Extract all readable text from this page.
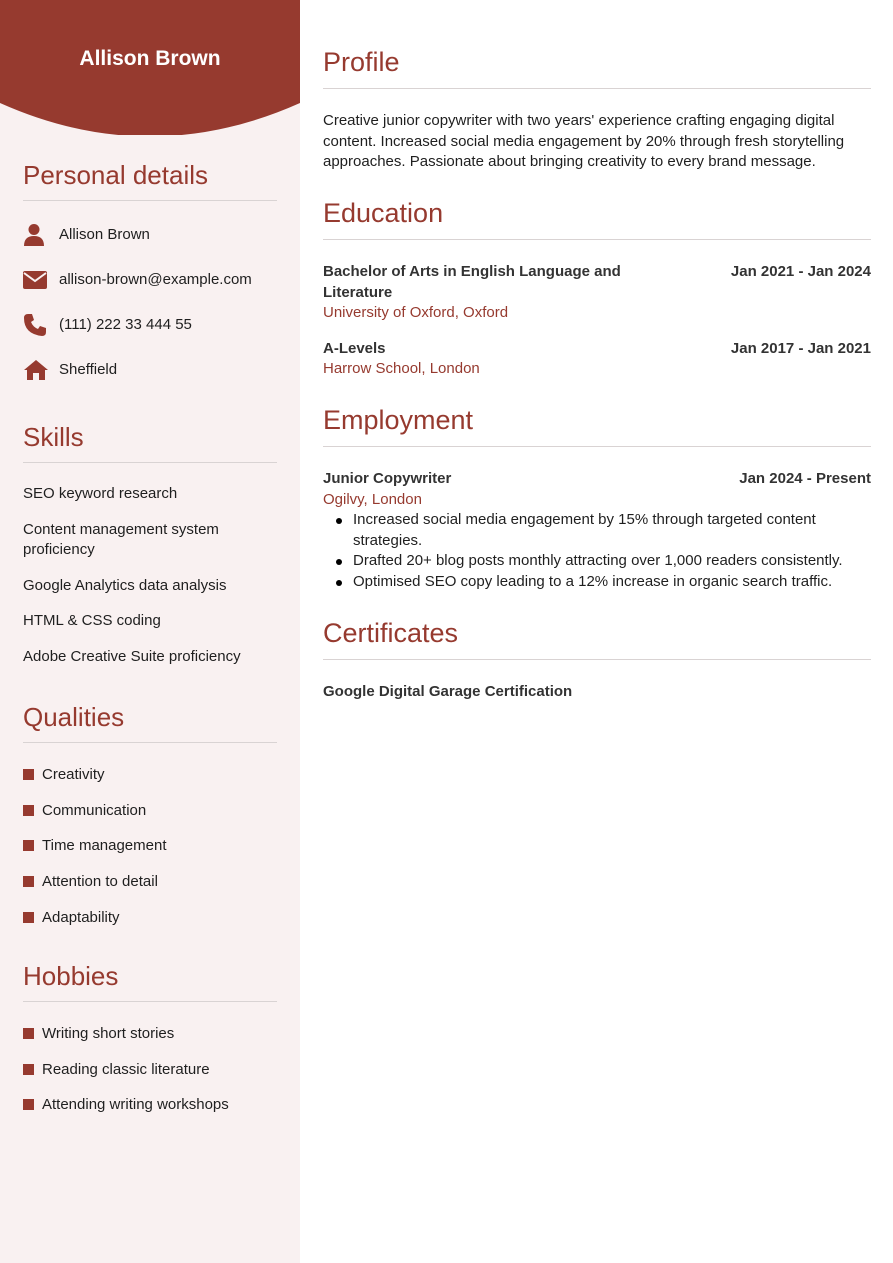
Allison Brown
Personal details
Allison Brown
allison-brown@example.com
(111) 222 33 444 55
Sheffield
Skills
SEO keyword research
Content management system proficiency
Google Analytics data analysis
HTML & CSS coding
Adobe Creative Suite proficiency
Qualities
Creativity
Communication
Time management
Attention to detail
Adaptability
Hobbies
Writing short stories
Reading classic literature
Attending writing workshops
Profile
Creative junior copywriter with two years' experience crafting engaging digital content. Increased social media engagement by 20% through fresh storytelling approaches. Passionate about bringing creativity to every brand message.
Education
Bachelor of Arts in English Language and Literature
Jan 2021 - Jan 2024
University of Oxford, Oxford
A-Levels	Jan 2017 - Jan 2021
Harrow School, London
Employment
Junior Copywriter	Jan 2024 - Present
Ogilvy, London
Increased social media engagement by 15% through targeted content strategies.
Drafted 20+ blog posts monthly attracting over 1,000 readers consistently.
Optimised SEO copy leading to a 12% increase in organic search traffic.
Certificates
Google Digital Garage Certification
